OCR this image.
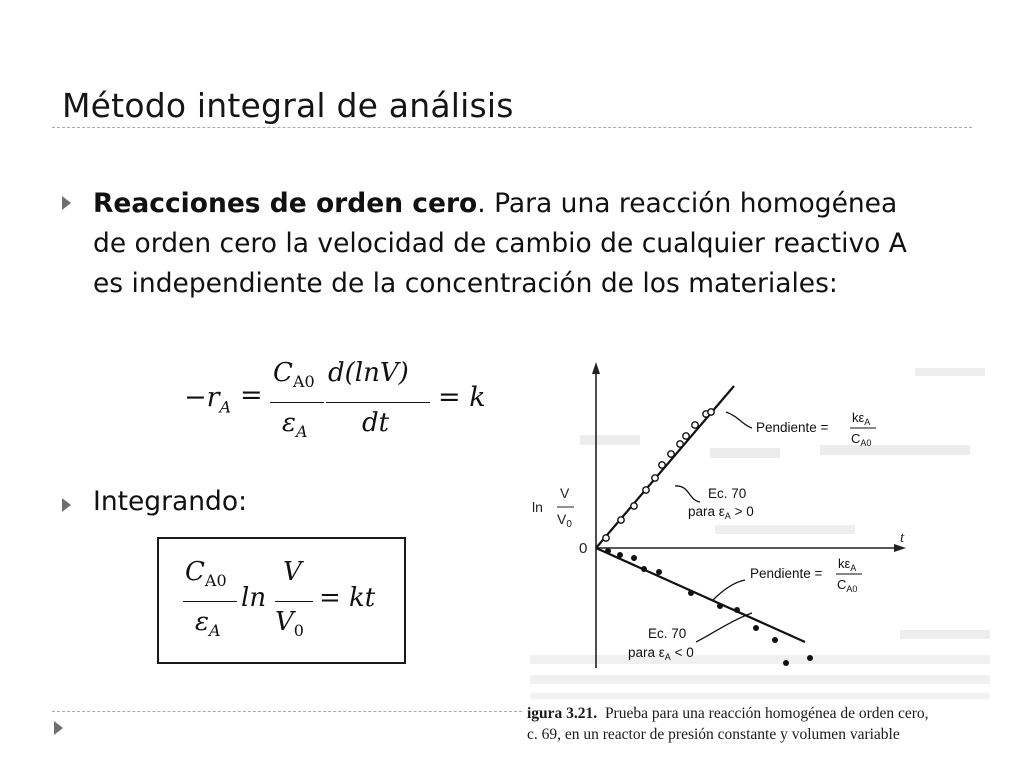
Método integral de análisis
Reacciones de orden cero. Para una reacción homogénea
de orden cero la velocidad de cambio de cualquier reactivo A
es independiente de la concentración de los materiales:
$-r_A$ =
$C_{A0}$
$\varepsilon_A$
d(lnV)
dt
= k
Integrando:
$C_{A0}$
$\varepsilon_A$
ln
V
$V_0$
= kt
ln
V
$V_0$
0
t
Pendiente =
$k\varepsilon_A$
$C_{A0}$
Ec. 70
para $\varepsilon_A > 0$
Pendiente =
$k\varepsilon_A$
$C_{A0}$
Ec. 70
para $\varepsilon_A < 0$
igura 3.21. Prueba para una reacción homogénea de orden cero,
c. 69, en un reactor de presión constante y volumen variable
